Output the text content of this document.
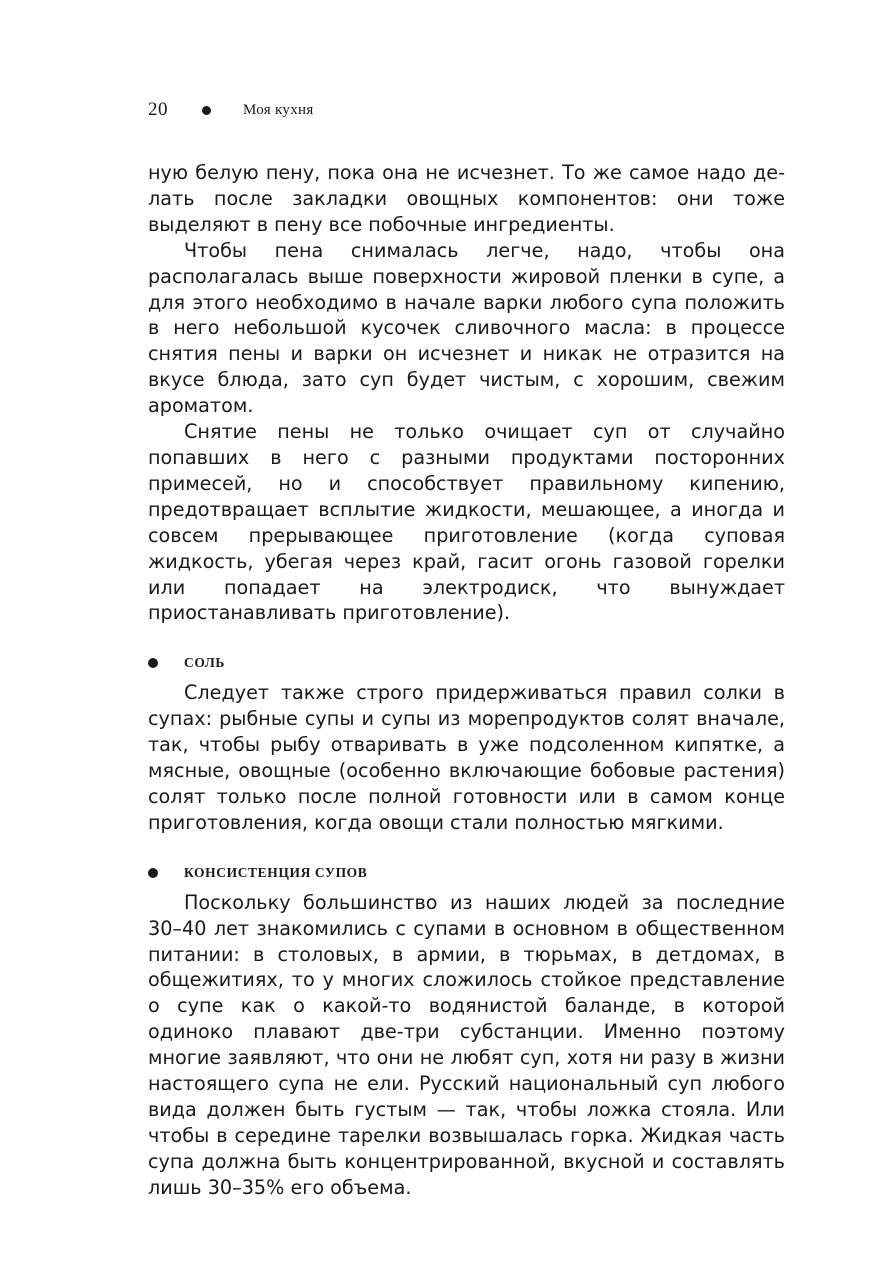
20	Моя кухня

ную белую пену, пока она не исчезнет. То же самое надо делать после закладки овощных компонентов: они тоже выделяют в пену все побочные ингредиенты.

Чтобы пена снималась легче, надо, чтобы она располагалась выше поверхности жировой пленки в супе, а для этого необходимо в начале варки любого супа положить в него небольшой кусочек сливочного масла: в процессе снятия пены и варки он исчезнет и никак не отразится на вкусе блюда, зато суп будет чистым, с хорошим, свежим ароматом.

Снятие пены не только очищает суп от случайно попавших в него с разными продуктами посторонних примесей, но и способствует правильному кипению, предотвращает всплытие жидкости, мешающее, а иногда и совсем прерывающее приготовление (когда суповая жидкость, убегая через край, гасит огонь газовой горелки или попадает на электродиск, что вынуждает приостанавливать приготовление).

СОЛЬ

Следует также строго придерживаться правил солки в супах: рыбные супы и супы из морепродуктов солят вначале, так, чтобы рыбу отваривать в уже подсоленном кипятке, а мясные, овощные (особенно включающие бобовые растения) солят только после полной готовности или в самом конце приготовления, когда овощи стали полностью мягкими.

КОНСИСТЕНЦИЯ СУПОВ

Поскольку большинство из наших людей за последние 30–40 лет знакомились с супами в основном в общественном питании: в столовых, в армии, в тюрьмах, в детдомах, в общежитиях, то у многих сложилось стойкое представление о супе как о какой-то водянистой баланде, в которой одиноко плавают две-три субстанции. Именно поэтому многие заявляют, что они не любят суп, хотя ни разу в жизни настоящего супа не ели. Русский национальный суп любого вида должен быть густым — так, чтобы ложка стояла. Или чтобы в середине тарелки возвышалась горка. Жидкая часть супа должна быть концентрированной, вкусной и составлять лишь 30–35% его объема.
